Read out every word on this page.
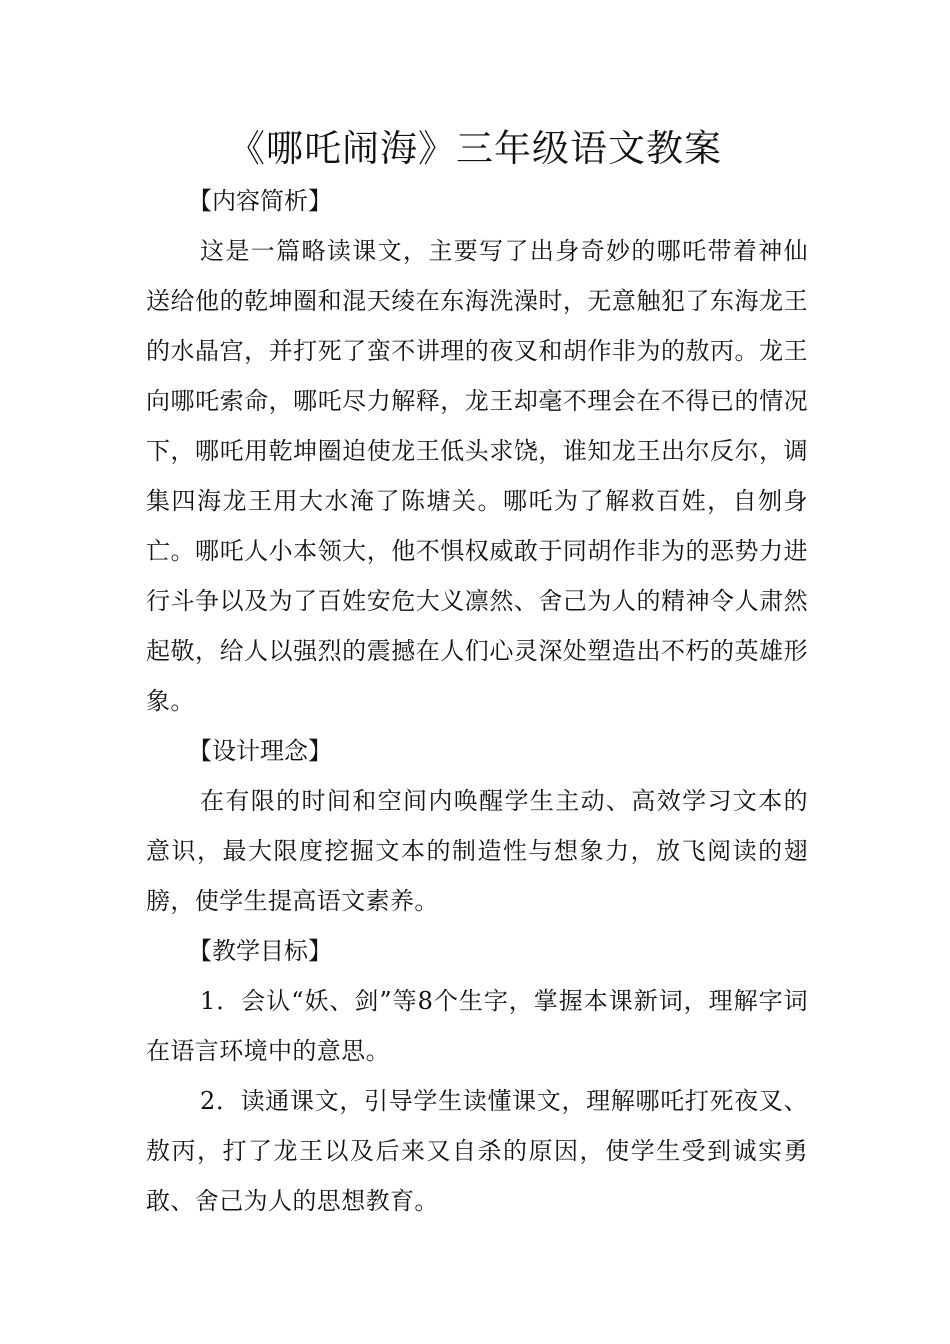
《哪吒闹海》三年级语文教案
【内容简析】

这是一篇略读课文，主要写了出身奇妙的哪吒带着神仙送给他的乾坤圈和混天绫在东海洗澡时，无意触犯了东海龙王的水晶宫，并打死了蛮不讲理的夜叉和胡作非为的敖丙。龙王向哪吒索命，哪吒尽力解释，龙王却毫不理会在不得已的情况下，哪吒用乾坤圈迫使龙王低头求饶，谁知龙王出尔反尔，调集四海龙王用大水淹了陈塘关。哪吒为了解救百姓，自刎身亡。哪吒人小本领大，他不惧权威敢于同胡作非为的恶势力进行斗争以及为了百姓安危大义凛然、舍己为人的精神令人肃然起敬，给人以强烈的震撼在人们心灵深处塑造出不朽的英雄形象。

【设计理念】

在有限的时间和空间内唤醒学生主动、高效学习文本的意识，最大限度挖掘文本的制造性与想象力，放飞阅读的翅膀，使学生提高语文素养。

【教学目标】

1．会认“妖、剑”等8个生字，掌握本课新词，理解字词在语言环境中的意思。

2．读通课文，引导学生读懂课文，理解哪吒打死夜叉、敖丙，打了龙王以及后来又自杀的原因，使学生受到诚实勇敢、舍己为人的思想教育。
